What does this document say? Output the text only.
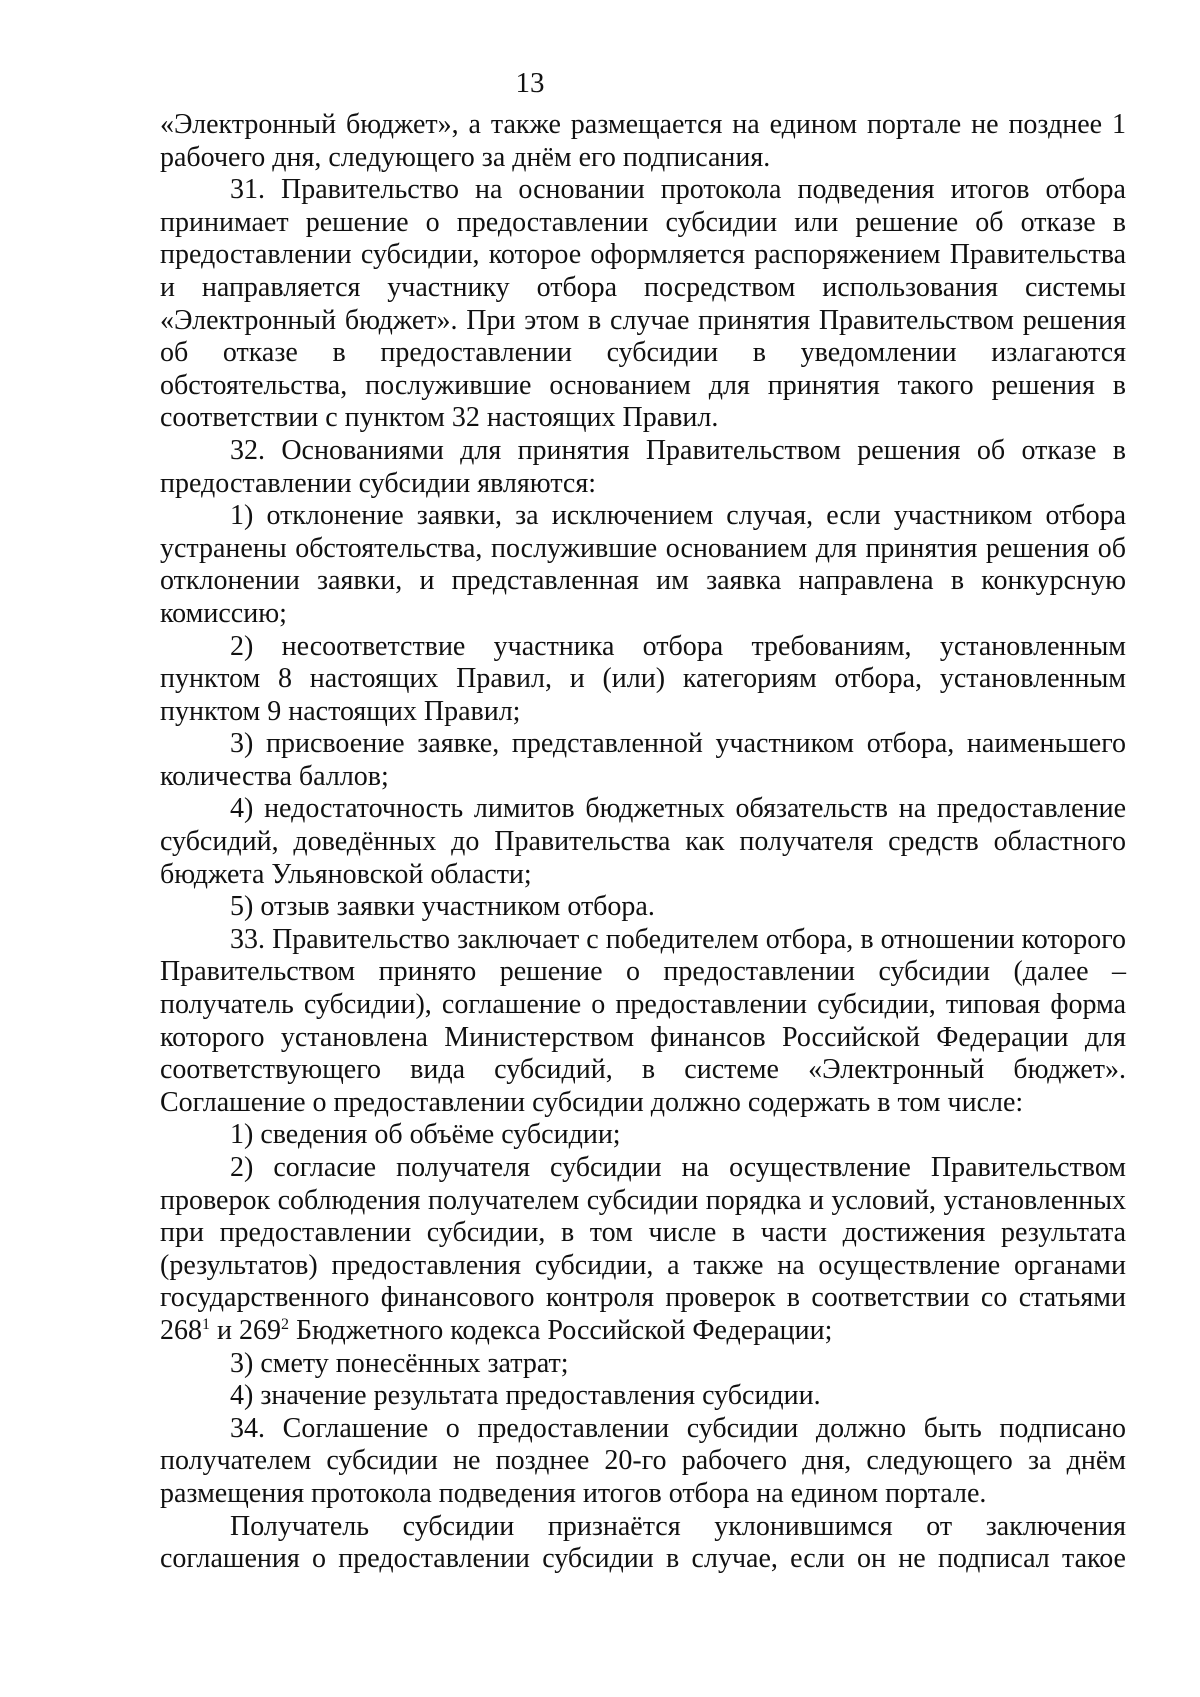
13

«Электронный бюджет», а также размещается на едином портале не позднее 1 рабочего дня, следующего за днём его подписания.

31. Правительство на основании протокола подведения итогов отбора принимает решение о предоставлении субсидии или решение об отказе в предоставлении субсидии, которое оформляется распоряжением Правительства и направляется участнику отбора посредством использования системы «Электронный бюджет». При этом в случае принятия Правительством решения об отказе в предоставлении субсидии в уведомлении излагаются обстоятельства, послужившие основанием для принятия такого решения в соответствии с пунктом 32 настоящих Правил.

32. Основаниями для принятия Правительством решения об отказе в предоставлении субсидии являются:

1) отклонение заявки, за исключением случая, если участником отбора устранены обстоятельства, послужившие основанием для принятия решения об отклонении заявки, и представленная им заявка направлена в конкурсную комиссию;

2) несоответствие участника отбора требованиям, установленным пунктом 8 настоящих Правил, и (или) категориям отбора, установленным пунктом 9 настоящих Правил;

3) присвоение заявке, представленной участником отбора, наименьшего количества баллов;

4) недостаточность лимитов бюджетных обязательств на предоставление субсидий, доведённых до Правительства как получателя средств областного бюджета Ульяновской области;

5) отзыв заявки участником отбора.

33. Правительство заключает с победителем отбора, в отношении которого Правительством принято решение о предоставлении субсидии (далее – получатель субсидии), соглашение о предоставлении субсидии, типовая форма которого установлена Министерством финансов Российской Федерации для соответствующего вида субсидий, в системе «Электронный бюджет». Соглашение о предоставлении субсидии должно содержать в том числе:

1) сведения об объёме субсидии;

2) согласие получателя субсидии на осуществление Правительством проверок соблюдения получателем субсидии порядка и условий, установленных при предоставлении субсидии, в том числе в части достижения результата (результатов) предоставления субсидии, а также на осуществление органами государственного финансового контроля проверок в соответствии со статьями $268^1$ и $269^2$ Бюджетного кодекса Российской Федерации;

3) смету понесённых затрат;

4) значение результата предоставления субсидии.

34. Соглашение о предоставлении субсидии должно быть подписано получателем субсидии не позднее 20-го рабочего дня, следующего за днём размещения протокола подведения итогов отбора на едином портале.

Получатель субсидии признаётся уклонившимся от заключения соглашения о предоставлении субсидии в случае, если он не подписал такое
